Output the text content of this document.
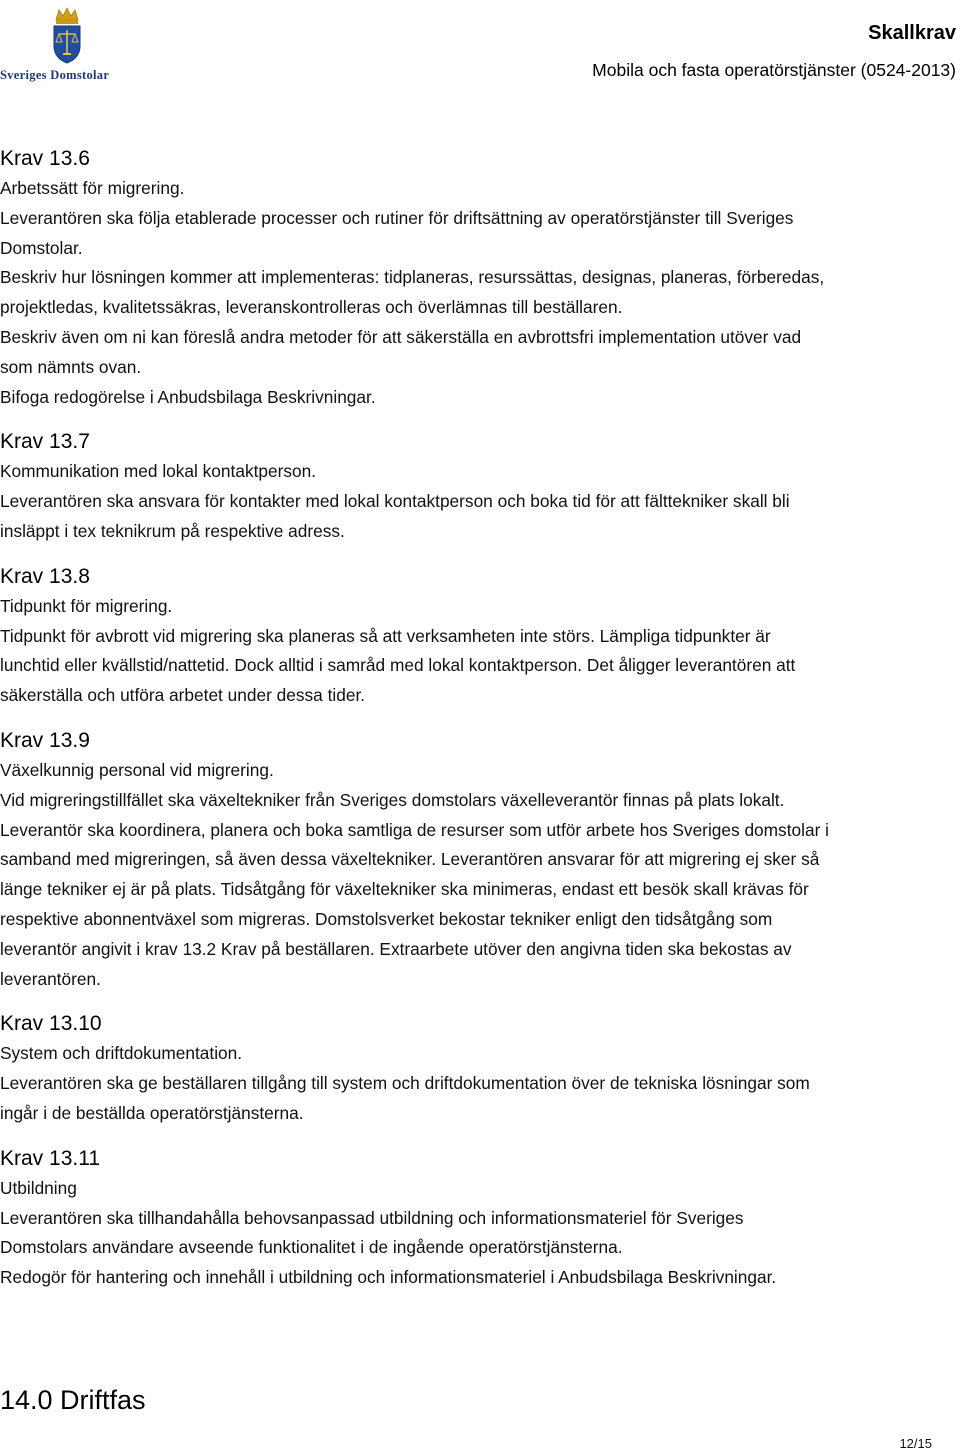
Sveriges Domstolar
Skallkrav
Mobila och fasta operatörstjänster (0524-2013)
Krav 13.6

Arbetssätt för migrering.

Leverantören ska följa etablerade processer och rutiner för driftsättning av operatörstjänster till Sveriges

Domstolar.

Beskriv hur lösningen kommer att implementeras: tidplaneras, resurssättas, designas, planeras, förberedas,

projektledas, kvalitetssäkras, leveranskontrolleras och överlämnas till beställaren.

Beskriv även om ni kan föreslå andra metoder för att säkerställa en avbrottsfri implementation utöver vad

som nämnts ovan.

Bifoga redogörelse i Anbudsbilaga Beskrivningar.

Krav 13.7

Kommunikation med lokal kontaktperson.

Leverantören ska ansvara för kontakter med lokal kontaktperson och boka tid för att fälttekniker skall bli

insläppt i tex teknikrum på respektive adress.

Krav 13.8

Tidpunkt för migrering.

Tidpunkt för avbrott vid migrering ska planeras så att verksamheten inte störs. Lämpliga tidpunkter är

lunchtid eller kvällstid/nattetid. Dock alltid i samråd med lokal kontaktperson. Det åligger leverantören att

säkerställa och utföra arbetet under dessa tider.

Krav 13.9

Växelkunnig personal vid migrering.

Vid migreringstillfället ska växeltekniker från Sveriges domstolars växelleverantör finnas på plats lokalt.

Leverantör ska koordinera, planera och boka samtliga de resurser som utför arbete hos Sveriges domstolar i

samband med migreringen, så även dessa växeltekniker. Leverantören ansvarar för att migrering ej sker så

länge tekniker ej är på plats. Tidsåtgång för växeltekniker ska minimeras, endast ett besök skall krävas för

respektive abonnentväxel som migreras. Domstolsverket bekostar tekniker enligt den tidsåtgång som

leverantör angivit i krav 13.2 Krav på beställaren. Extraarbete utöver den angivna tiden ska bekostas av

leverantören.

Krav 13.10

System och driftdokumentation.

Leverantören ska ge beställaren tillgång till system och driftdokumentation över de tekniska lösningar som

ingår i de beställda operatörstjänsterna.

Krav 13.11

Utbildning

Leverantören ska tillhandahålla behovsanpassad utbildning och informationsmateriel för Sveriges

Domstolars användare avseende funktionalitet i de ingående operatörstjänsterna.

Redogör för hantering och innehåll i utbildning och informationsmateriel i Anbudsbilaga Beskrivningar.

14.0 Driftfas
12/15
